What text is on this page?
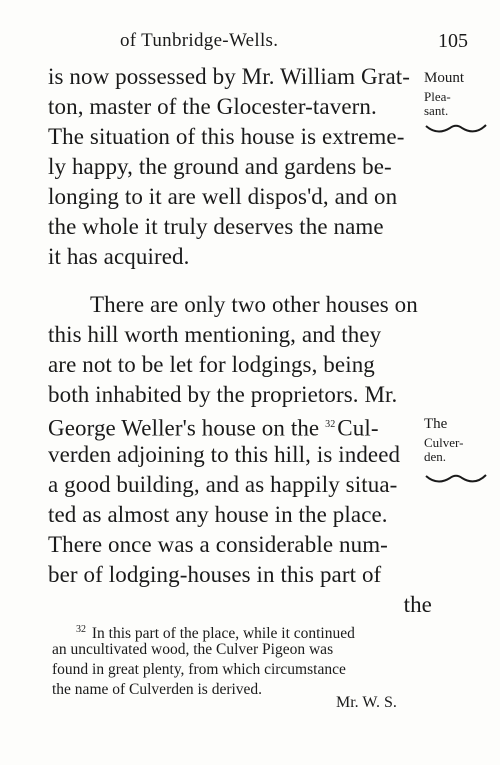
of Tunbridge-Wells.	105
is now possessed by Mr. William Grat-
ton, master of the Glocester-tavern.
The situation of this house is extreme-
ly happy, the ground and gardens be-
longing to it are well dispos'd, and on
the whole it truly deserves the name
it has acquired.
Mount
Plea-
sant.
There are only two other houses on
this hill worth mentioning, and they
are not to be let for lodgings, being
both inhabited by the proprietors. Mr.
George Weller's house on the $^{32}$Cul-
verden adjoining to this hill, is indeed
a good building, and as happily situa-
ted as almost any house in the place.
There once was a considerable num-
ber of lodging-houses in this part of
the
The
Culver-
den.
$^{32}$ In this part of the place, while it continued
an uncultivated wood, the Culver Pigeon was
found in great plenty, from which circumstance
the name of Culverden is derived.
Mr. W. S.
